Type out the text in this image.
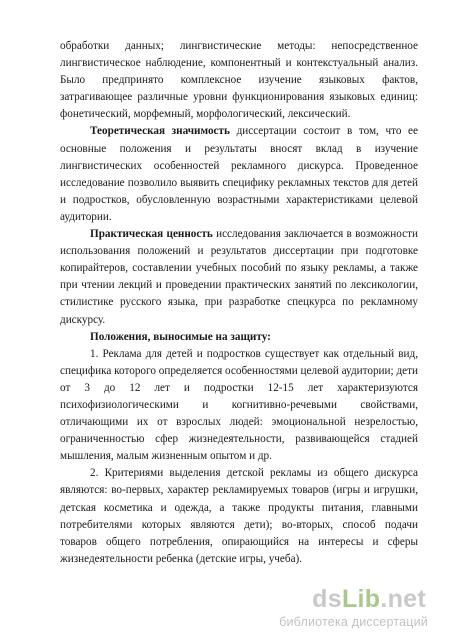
обработки данных; лингвистические методы: непосредственное лингвистическое наблюдение, компонентный и контекстуальный анализ. Было предпринято комплексное изучение языковых фактов, затрагивающее различные уровни функционирования языковых единиц: фонетический, морфемный, морфологический, лексический.

Теоретическая значимость диссертации состоит в том, что ее основные положения и результаты вносят вклад в изучение лингвистических особенностей рекламного дискурса. Проведенное исследование позволило выявить специфику рекламных текстов для детей и подростков, обусловленную возрастными характеристиками целевой аудитории.

Практическая ценность исследования заключается в возможности использования положений и результатов диссертации при подготовке копирайтеров, составлении учебных пособий по языку рекламы, а также при чтении лекций и проведении практических занятий по лексикологии, стилистике русского языка, при разработке спецкурса по рекламному дискурсу.

Положения, выносимые на защиту:

1. Реклама для детей и подростков существует как отдельный вид, специфика которого определяется особенностями целевой аудитории; дети от 3 до 12 лет и подростки 12-15 лет характеризуются психофизиологическими и когнитивно-речевыми свойствами, отличающими их от взрослых людей: эмоциональной незрелостью, ограниченностью сфер жизнедеятельности, развивающейся стадией мышления, малым жизненным опытом и др.

2. Критериями выделения детской рекламы из общего дискурса являются: во-первых, характер рекламируемых товаров (игры и игрушки, детская косметика и одежда, а также продукты питания, главными потребителями которых являются дети); во-вторых, способ подачи товаров общего потребления, опирающийся на интересы и сферы жизнедеятельности ребенка (детские игры, учеба).

dsLib.net
библиотека диссертаций
